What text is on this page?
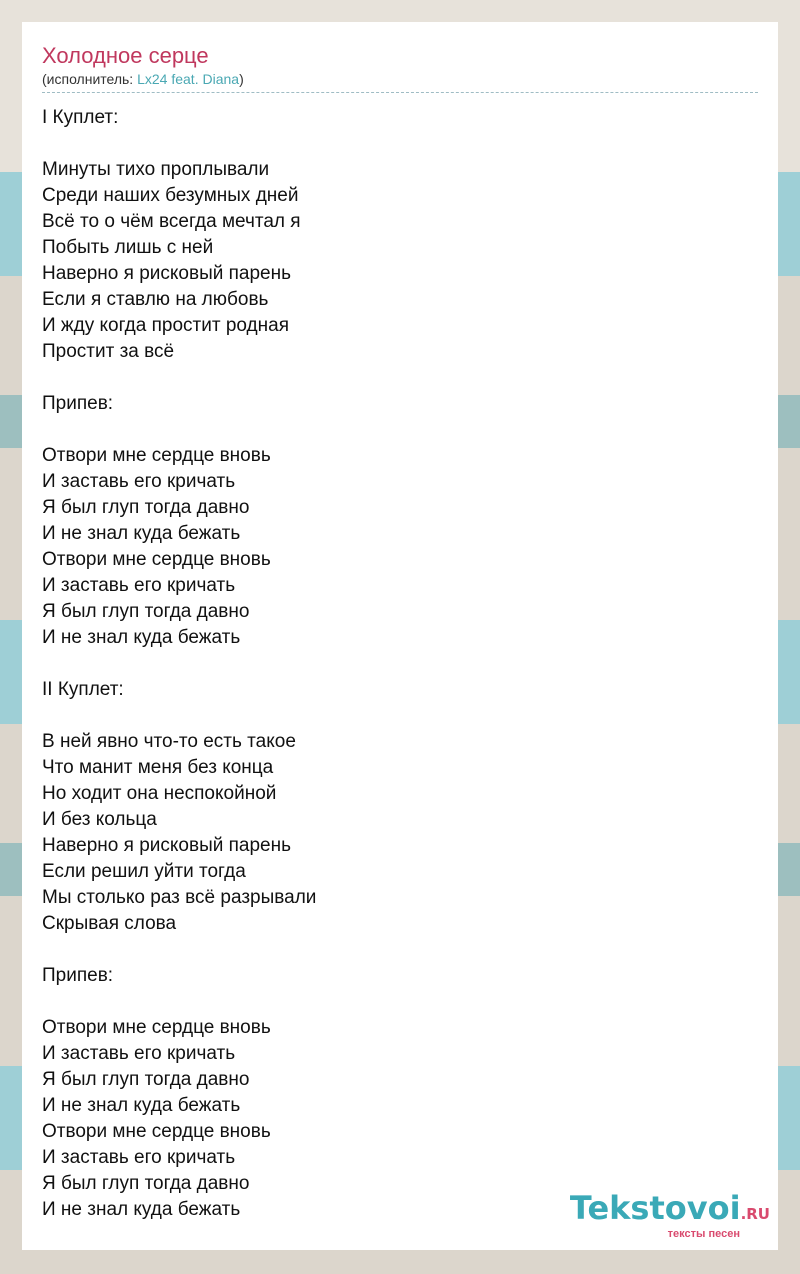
Холодное серце
(исполнитель: Lx24 feat. Diana)
I Куплет:
Минуты тихо проплывали
Среди наших безумных дней
Всё то о чём всегда мечтал я
Побыть лишь с ней
Наверно я рисковый парень
Если я ставлю на любовь
И жду когда простит родная
Простит за всё
Припев:
Отвори мне сердце вновь
И заставь его кричать
Я был глуп тогда давно
И не знал куда бежать
Отвори мне сердце вновь
И заставь его кричать
Я был глуп тогда давно
И не знал куда бежать
II Куплет:
В ней явно что-то есть такое
Что манит меня без конца
Но ходит она неспокойной
И без кольца
Наверно я рисковый парень
Если решил уйти тогда
Мы столько раз всё разрывали
Скрывая слова
Припев:
Отвори мне сердце вновь
И заставь его кричать
Я был глуп тогда давно
И не знал куда бежать
Отвори мне сердце вновь
И заставь его кричать
Я был глуп тогда давно
И не знал куда бежать	Tekstovoi.RU
тексты песен
